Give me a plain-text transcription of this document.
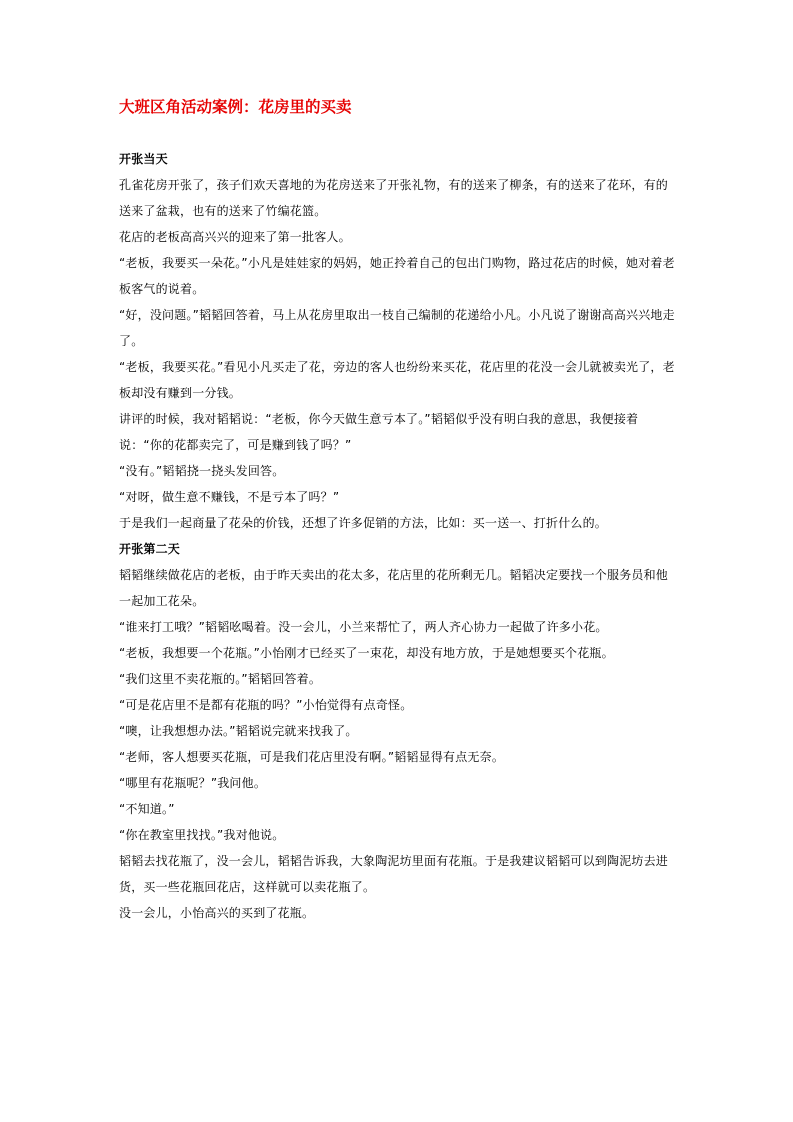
大班区角活动案例：花房里的买卖

开张当天

孔雀花房开张了，孩子们欢天喜地的为花房送来了开张礼物，有的送来了柳条，有的送来了花环，有的送来了盆栽，也有的送来了竹编花篮。

花店的老板高高兴兴的迎来了第一批客人。

“老板，我要买一朵花。”小凡是娃娃家的妈妈，她正拎着自己的包出门购物，路过花店的时候，她对着老板客气的说着。

“好，没问题。”韬韬回答着，马上从花房里取出一枝自己编制的花递给小凡。小凡说了谢谢高高兴兴地走了。

“老板，我要买花。”看见小凡买走了花，旁边的客人也纷纷来买花，花店里的花没一会儿就被卖光了，老板却没有赚到一分钱。

讲评的时候，我对韬韬说：“老板，你今天做生意亏本了。”韬韬似乎没有明白我的意思，我便接着说：“你的花都卖完了，可是赚到钱了吗？”

“没有。”韬韬挠一挠头发回答。

“对呀，做生意不赚钱，不是亏本了吗？”

于是我们一起商量了花朵的价钱，还想了许多促销的方法，比如：买一送一、打折什么的。

开张第二天

韬韬继续做花店的老板，由于昨天卖出的花太多，花店里的花所剩无几。韬韬决定要找一个服务员和他一起加工花朵。

“谁来打工哦？”韬韬吆喝着。没一会儿，小兰来帮忙了，两人齐心协力一起做了许多小花。

“老板，我想要一个花瓶。”小怡刚才已经买了一束花，却没有地方放，于是她想要买个花瓶。

“我们这里不卖花瓶的。”韬韬回答着。

“可是花店里不是都有花瓶的吗？”小怡觉得有点奇怪。

“噢，让我想想办法。”韬韬说完就来找我了。

“老师，客人想要买花瓶，可是我们花店里没有啊。”韬韬显得有点无奈。

“哪里有花瓶呢？”我问他。

“不知道。”

“你在教室里找找。”我对他说。

韬韬去找花瓶了，没一会儿，韬韬告诉我，大象陶泥坊里面有花瓶。于是我建议韬韬可以到陶泥坊去进货，买一些花瓶回花店，这样就可以卖花瓶了。

没一会儿，小怡高兴的买到了花瓶。
